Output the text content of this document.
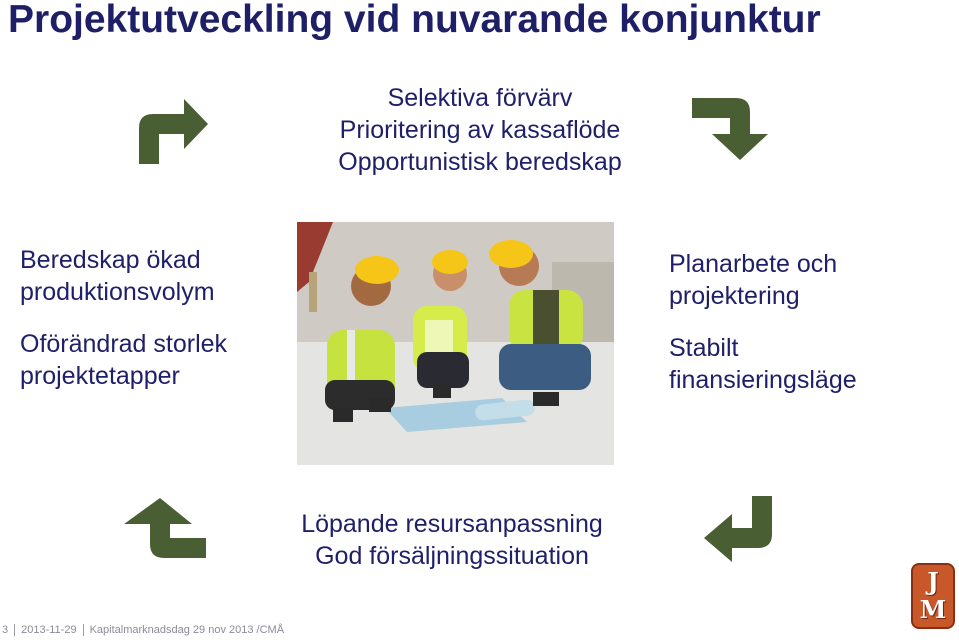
Projektutveckling vid nuvarande konjunktur
Selektiva förvärv
Prioritering av kassaflöde
Opportunistisk beredskap
Beredskap ökad
produktionsvolym
Oförändrad storlek
projektetapper
Planarbete och
projektering
Stabilt
finansieringsläge
Löpande resursanpassning
God försäljningssituation
J
M
3 2013-11-29 Kapitalmarknadsdag 29 nov 2013 /CMÅ
